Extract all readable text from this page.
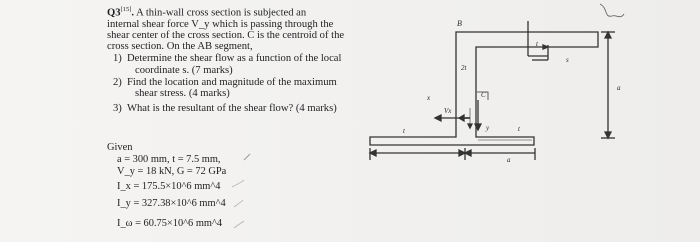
Q3[15]. A thin-wall cross section is subjected an
internal shear force V_y which is passing through the
shear center of the cross section. C is the centroid of the
cross section. On the AB segment,

1) Determine the shear flow as a function of the local
coordinate s. (7 marks)
2) Find the location and magnitude of the maximum
shear stress. (4 marks)
3) What is the resultant of the shear flow? (4 marks)
Given
a = 300 mm, t = 7.5 mm,
V_y = 18 kN, G = 72 GPa
I_x = 175.5×10^6 mm^4
I_y = 327.38×10^6 mm^4
I_ω = 60.75×10^6 mm^4
B
2t
t
s
a
x	C
Vx
y
t	t
a
